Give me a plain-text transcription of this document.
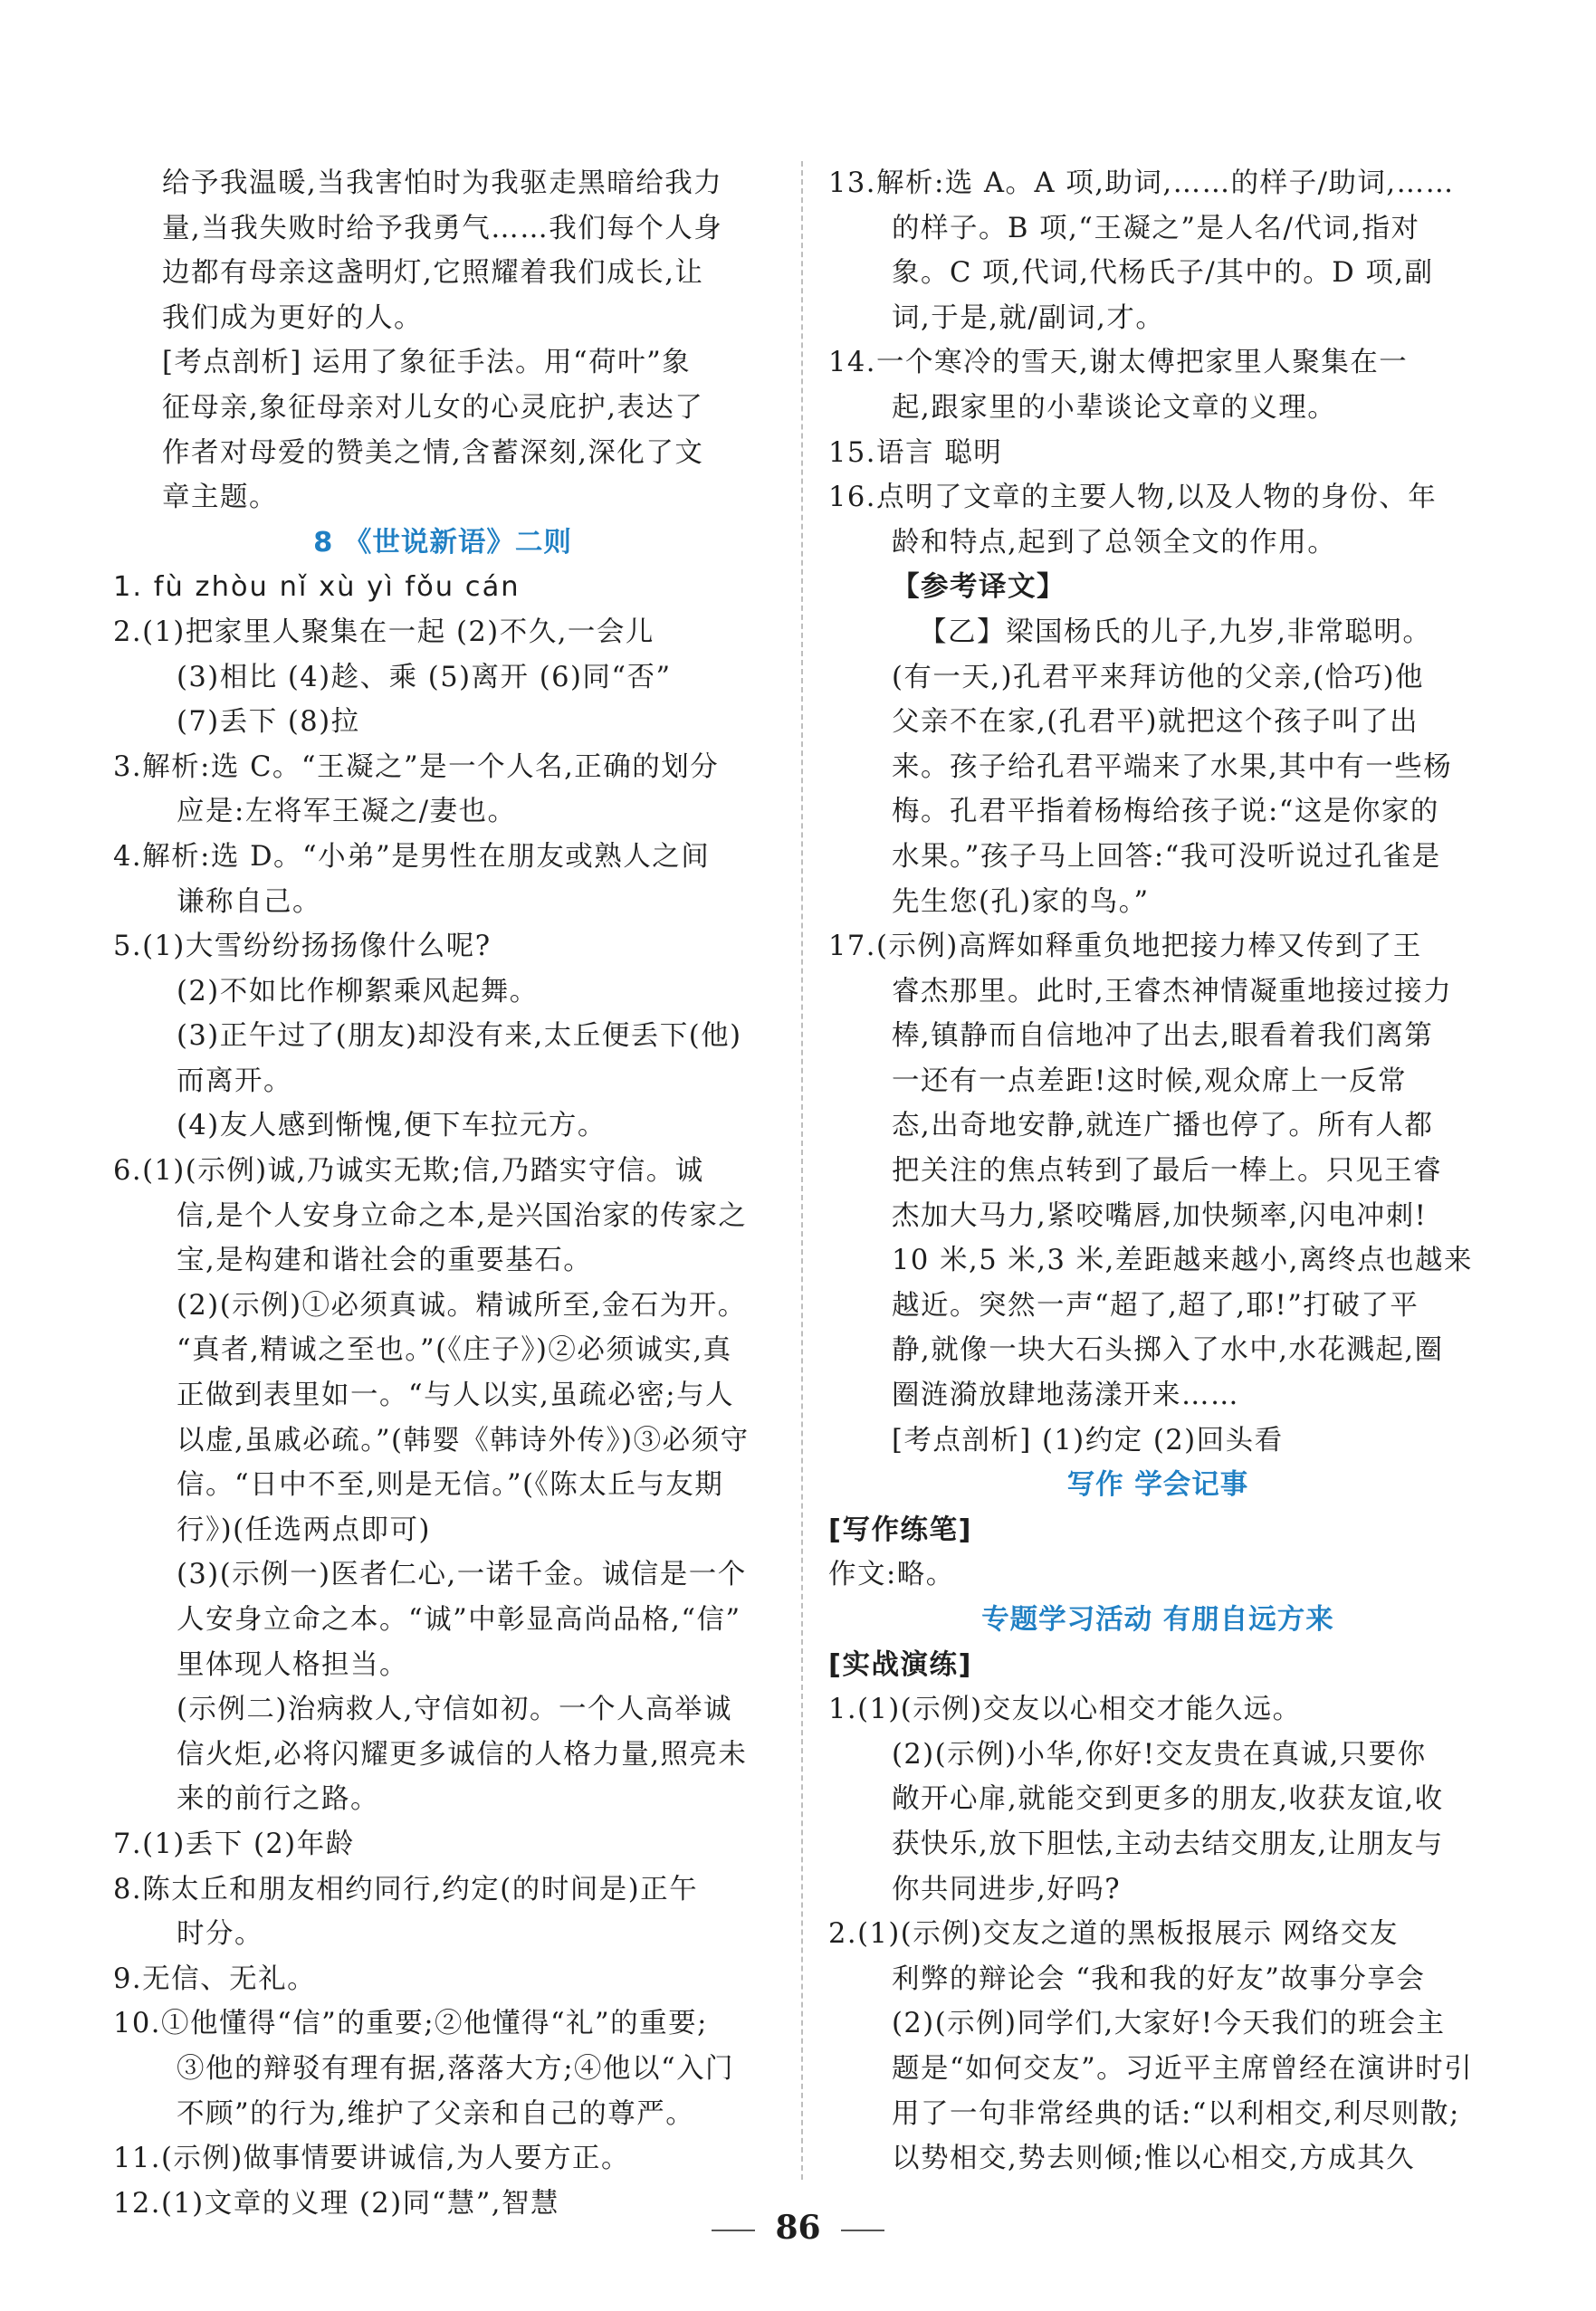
给予我温暖,当我害怕时为我驱走黑暗给我力
量,当我失败时给予我勇气……我们每个人身
边都有母亲这盏明灯,它照耀着我们成长,让
我们成为更好的人。
[考点剖析] 运用了象征手法。用“荷叶”象
征母亲,象征母亲对儿女的心灵庇护,表达了
作者对母爱的赞美之情,含蓄深刻,深化了文
章主题。
8 《世说新语》二则
1. fù zhòu nǐ xù yì fǒu cán
2.(1)把家里人聚集在一起 (2)不久,一会儿
(3)相比 (4)趁、乘 (5)离开 (6)同“否”
(7)丢下 (8)拉
3.解析:选 C。“王凝之”是一个人名,正确的划分
应是:左将军王凝之/妻也。
4.解析:选 D。“小弟”是男性在朋友或熟人之间
谦称自己。
5.(1)大雪纷纷扬扬像什么呢?
(2)不如比作柳絮乘风起舞。
(3)正午过了(朋友)却没有来,太丘便丢下(他)
而离开。
(4)友人感到惭愧,便下车拉元方。
6.(1)(示例)诚,乃诚实无欺;信,乃踏实守信。诚
信,是个人安身立命之本,是兴国治家的传家之
宝,是构建和谐社会的重要基石。
(2)(示例)①必须真诚。精诚所至,金石为开。
“真者,精诚之至也。”(《庄子》)②必须诚实,真
正做到表里如一。“与人以实,虽疏必密;与人
以虚,虽戚必疏。”(韩婴《韩诗外传》)③必须守
信。“日中不至,则是无信。”(《陈太丘与友期
行》)(任选两点即可)
(3)(示例一)医者仁心,一诺千金。诚信是一个
人安身立命之本。“诚”中彰显高尚品格,“信”
里体现人格担当。
(示例二)治病救人,守信如初。一个人高举诚
信火炬,必将闪耀更多诚信的人格力量,照亮未
来的前行之路。
7.(1)丢下 (2)年龄
8.陈太丘和朋友相约同行,约定(的时间是)正午
时分。
9.无信、无礼。
10.①他懂得“信”的重要;②他懂得“礼”的重要;
③他的辩驳有理有据,落落大方;④他以“入门
不顾”的行为,维护了父亲和自己的尊严。
11.(示例)做事情要讲诚信,为人要方正。
12.(1)文章的义理 (2)同“慧”,智慧
13.解析:选 A。A 项,助词,……的样子/助词,……
的样子。B 项,“王凝之”是人名/代词,指对
象。C 项,代词,代杨氏子/其中的。D 项,副
词,于是,就/副词,才。
14.一个寒冷的雪天,谢太傅把家里人聚集在一
起,跟家里的小辈谈论文章的义理。
15.语言 聪明
16.点明了文章的主要人物,以及人物的身份、年
龄和特点,起到了总领全文的作用。
【参考译文】
【乙】梁国杨氏的儿子,九岁,非常聪明。
(有一天,)孔君平来拜访他的父亲,(恰巧)他
父亲不在家,(孔君平)就把这个孩子叫了出
来。孩子给孔君平端来了水果,其中有一些杨
梅。孔君平指着杨梅给孩子说:“这是你家的
水果。”孩子马上回答:“我可没听说过孔雀是
先生您(孔)家的鸟。”
17.(示例)高辉如释重负地把接力棒又传到了王
睿杰那里。此时,王睿杰神情凝重地接过接力
棒,镇静而自信地冲了出去,眼看着我们离第
一还有一点差距!这时候,观众席上一反常
态,出奇地安静,就连广播也停了。所有人都
把关注的焦点转到了最后一棒上。只见王睿
杰加大马力,紧咬嘴唇,加快频率,闪电冲刺!
10 米,5 米,3 米,差距越来越小,离终点也越来
越近。突然一声“超了,超了,耶!”打破了平
静,就像一块大石头掷入了水中,水花溅起,圈
圈涟漪放肆地荡漾开来……
[考点剖析] (1)约定 (2)回头看
写作 学会记事
[写作练笔]
作文:略。
专题学习活动 有朋自远方来
[实战演练]
1.(1)(示例)交友以心相交才能久远。
(2)(示例)小华,你好!交友贵在真诚,只要你
敞开心扉,就能交到更多的朋友,收获友谊,收
获快乐,放下胆怯,主动去结交朋友,让朋友与
你共同进步,好吗?
2.(1)(示例)交友之道的黑板报展示 网络交友
利弊的辩论会 “我和我的好友”故事分享会
(2)(示例)同学们,大家好!今天我们的班会主
题是“如何交友”。习近平主席曾经在演讲时引
用了一句非常经典的话:“以利相交,利尽则散;
以势相交,势去则倾;惟以心相交,方成其久
86
